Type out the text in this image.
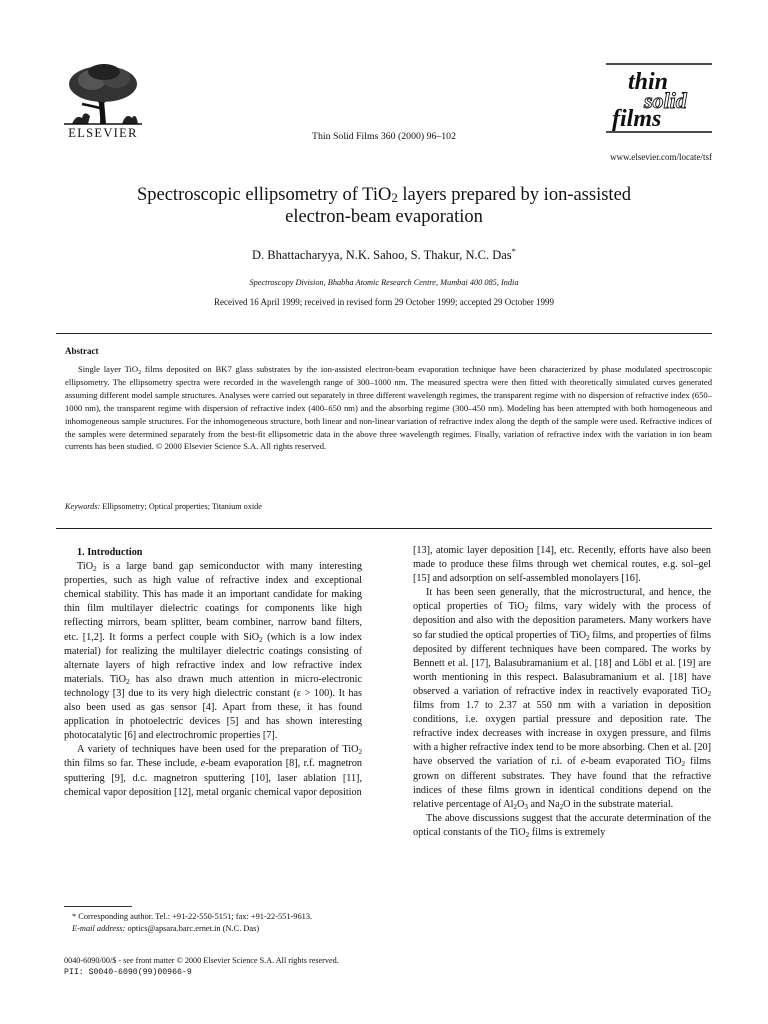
ELSEVIER	Thin Solid Films 360 (2000) 96–102
thin
solid
films
www.elsevier.com/locate/tsf
Spectroscopic ellipsometry of TiO$_2$ layers prepared by ion-assisted
electron-beam evaporation
D. Bhattacharyya, N.K. Sahoo, S. Thakur, N.C. Das*
Spectroscopy Division, Bhabha Atomic Research Centre, Mumbai 400 085, India
Received 16 April 1999; received in revised form 29 October 1999; accepted 29 October 1999
Abstract
Single layer TiO$_2$ films deposited on BK7 glass substrates by the ion-assisted electron-beam evaporation technique have been characterized by phase modulated spectroscopic ellipsometry. The ellipsometry spectra were recorded in the wavelength range of 300–1000 nm. The measured spectra were then fitted with theoretically simulated curves generated assuming different model sample structures. Analyses were carried out separately in three different wavelength regimes, the transparent regime with no dispersion of refractive index (650–1000 nm), the transparent regime with dispersion of refractive index (400–650 nm) and the absorbing regime (300–450 nm). Modeling has been attempted with both homogeneous and inhomogeneous sample structures. For the inhomogeneous structure, both linear and non-linear variation of refractive index along the depth of the sample were used. Refractive indices of the samples were determined separately from the best-fit ellipsometric data in the above three wavelength regimes. Finally, variation of refractive index with the variation in ion beam currents has been studied. © 2000 Elsevier Science S.A. All rights reserved.
Keywords: Ellipsometry; Optical properties; Titanium oxide

1. Introduction

TiO$_2$ is a large band gap semiconductor with many interesting properties, such as high value of refractive index and exceptional chemical stability. This has made it an important candidate for making thin film multilayer dielectric coatings for components like high reflecting mirrors, beam splitter, beam combiner, narrow band filters, etc. [1,2]. It forms a perfect couple with SiO$_2$ (which is a low index material) for realizing the multilayer dielectric coatings consisting of alternate layers of high refractive index and low refractive index materials. TiO$_2$ has also drawn much attention in micro-electronic technology [3] due to its very high dielectric constant (ε > 100). It has also been used as gas sensor [4]. Apart from these, it has found application in photoelectric devices [5] and has shown interesting photocatalytic [6] and electrochromic properties [7].

A variety of techniques have been used for the preparation of TiO$_2$ thin films so far. These include, e-beam evaporation [8], r.f. magnetron sputtering [9], d.c. magnetron sputtering [10], laser ablation [11], chemical vapor deposition [12], metal organic chemical vapor deposition

[13], atomic layer deposition [14], etc. Recently, efforts have also been made to produce these films through wet chemical routes, e.g. sol–gel [15] and adsorption on self-assembled monolayers [16].

It has been seen generally, that the microstructural, and hence, the optical properties of TiO$_2$ films, vary widely with the process of deposition and also with the deposition parameters. Many workers have so far studied the optical properties of TiO$_2$ films, and properties of films deposited by different techniques have been compared. The works by Bennett et al. [17], Balasubramanium et al. [18] and Löbl et al. [19] are worth mentioning in this respect. Balasubramanium et al. [18] have observed a variation of refractive index in reactively evaporated TiO$_2$ films from 1.7 to 2.37 at 550 nm with a variation in deposition conditions, i.e. oxygen partial pressure and deposition rate. The refractive index decreases with increase in oxygen pressure, and films with a higher refractive index tend to be more absorbing. Chen et al. [20] have observed the variation of r.i. of e-beam evaporated TiO$_2$ films grown on different substrates. They have found that the refractive indices of these films grown in identical conditions depend on the relative percentage of $Al_2O_3$ and $Na_2O$ in the substrate material.

The above discussions suggest that the accurate determination of the optical constants of the TiO$_2$ films is extremely

* Corresponding author. Tel.: +91-22-550-5151; fax: +91-22-551-9613.

E-mail address: optics@apsara.barc.ernet.in (N.C. Das)

0040-6090/00/$ - see front matter © 2000 Elsevier Science S.A. All rights reserved.
PII: S0040-6090(99)00966-9
